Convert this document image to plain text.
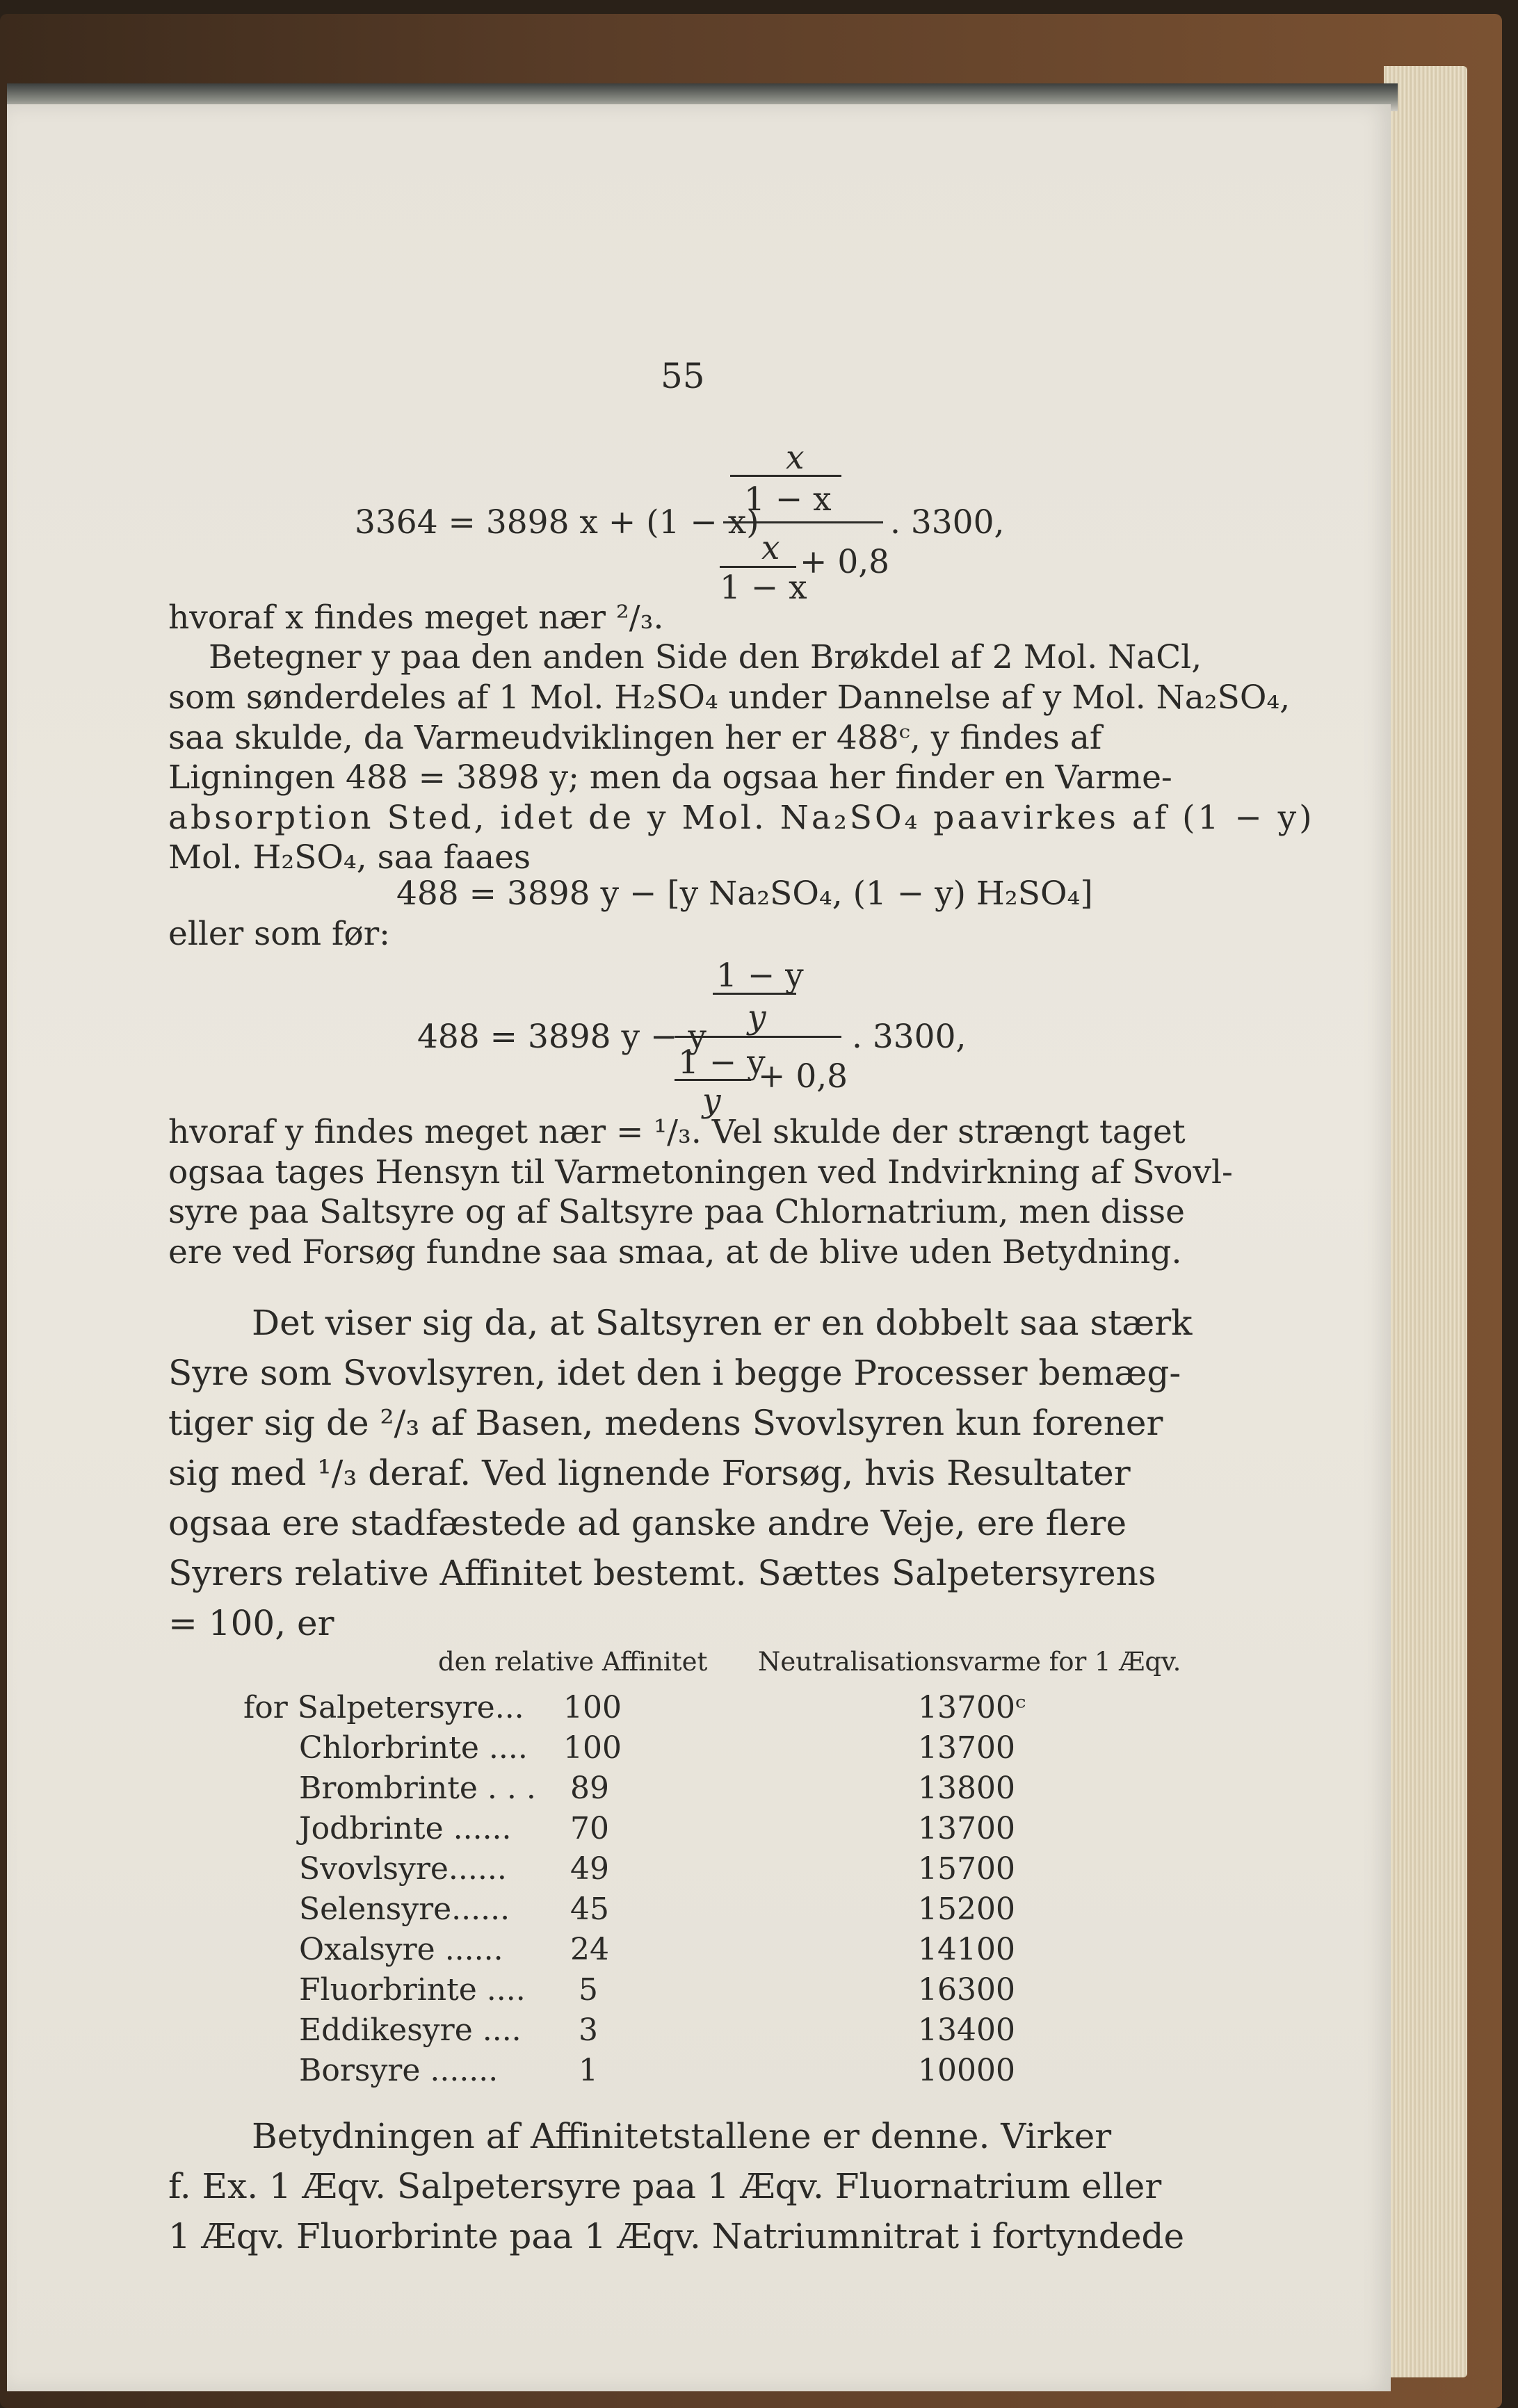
55
x
1 − x
3364 = 3898 x + (1 − x)	. 3300,
x + 0,8
1 − x
hvoraf x findes meget nær ²/₃.
Betegner y paa den anden Side den Brøkdel af 2 Mol. NaCl,
som sønderdeles af 1 Mol. H₂SO₄ under Dannelse af y Mol. Na₂SO₄,
saa skulde, da Varmeudviklingen her er 488ᶜ, y findes af
Ligningen 488 = 3898 y; men da ogsaa her finder en Varme-
absorption Sted, idet de y Mol. Na₂SO₄ paavirkes af (1 − y)
Mol. H₂SO₄, saa faaes
488 = 3898 y − [y Na₂SO₄, (1 − y) H₂SO₄]
eller som før:
1 − y
y
488 = 3898 y − y	. 3300,
1 − y
+ 0,8
y
hvoraf y findes meget nær = ¹/₃. Vel skulde der strængt taget
ogsaa tages Hensyn til Varmetoningen ved Indvirkning af Svovl-
syre paa Saltsyre og af Saltsyre paa Chlornatrium, men disse
ere ved Forsøg fundne saa smaa, at de blive uden Betydning.
Det viser sig da, at Saltsyren er en dobbelt saa stærk
Syre som Svovlsyren, idet den i begge Processer bemæg-
tiger sig de ²/₃ af Basen, medens Svovlsyren kun forener
sig med ¹/₃ deraf. Ved lignende Forsøg, hvis Resultater
ogsaa ere stadfæstede ad ganske andre Veje, ere flere
Syrers relative Affinitet bestemt. Sættes Salpetersyrens
= 100, er
den relative Affinitet Neutralisationsvarme for 1 Æqv.
for Salpetersyre... 100	13700ᶜ
Chlorbrinte .... 100	13700
Brombrinte . . . 89	13800
Jodbrinte ...... 70	13700
Svovlsyre...... 49	15700
Selensyre...... 45	15200
Oxalsyre ...... 24	14100
Fluorbrinte .... 5	16300
Eddikesyre .... 3	13400
Borsyre .......	1	10000
Betydningen af Affinitetstallene er denne. Virker
f. Ex. 1 Æqv. Salpetersyre paa 1 Æqv. Fluornatrium eller
1 Æqv. Fluorbrinte paa 1 Æqv. Natriumnitrat i fortyndede
